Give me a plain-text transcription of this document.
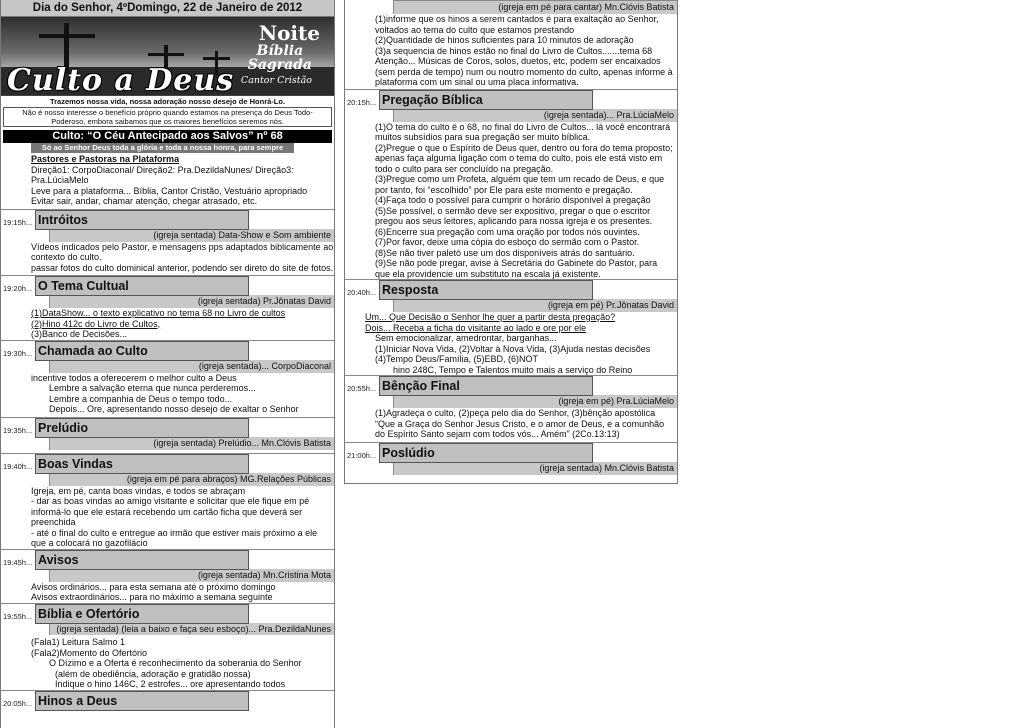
Dia do Senhor, 4ºDomingo, 22 de Janeiro de 2012
Noite
Bíblia
Sagrada
Cantor Cristão
Culto a Deus
Trazemos nossa vida, nossa adoração nosso desejo de Honrá-Lo.
Não é nosso interesse o benefício próprio quando estamos na presença do Deus Todo-Poderoso, embora saibamos que os maiores benefícios seremos nós.
Culto: “O Céu Antecipado aos Salvos” nº 68
Só ao Senhor Deus toda a glória e toda a nossa honra, para sempre
Pastores e Pastoras na Plataforma
Direção1: CorpoDiaconal/ Direção2: Pra.DezildaNunes/ Direção3: Pra.LúciaMelo
Leve para a plataforma... Bíblia, Cantor Cristão, Vestuário apropriado
Evitar sair, andar, chamar atenção, chegar atrasado, etc.
19:15h... Intróitos
(igreja sentada) Data-Show e Som ambiente
Vídeos indicados pelo Pastor, e mensagens pps adaptados biblicamente ao contexto do culto.
passar fotos do culto dominical anterior, podendo ser direto do site de fotos.
19:20h... O Tema Cultual
(igreja sentada) Pr.Jônatas David
(1)DataShow... o texto explicativo no tema 68 no Livro de cultos
(2)Hino 412c do Livro de Cultos,
(3)Banco de Decisões...
19:30h... Chamada ao Culto
(igreja sentada)... CorpoDiaconal
incentive todos a oferecerem o melhor culto a Deus
Lembre a salvação eterna que nunca perderemos...
Lembre a companhia de Deus o tempo todo...
Depois... Ore, apresentando nosso desejo de exaltar o Senhor
19:35h... Prelúdio
(igreja sentada) Prelúdio... Mn.Clóvis Batista
19:40h... Boas Vindas
(igreja em pé para abraços) MG.Relações Públicas
Igreja, em pé, canta boas vindas, e todos se abraçam
- dar as boas vindas ao amigo visitante e solicitar que ele fique em pé informá-lo que ele estará recebendo um cartão ficha que deverá ser preenchida
- até o final do culto e entregue ao irmão que estiver mais próximo a ele que a colocará no gazofilácio
19:45h... Avisos
(igreja sentada) Mn.Cristina Mota
Avisos ordinários... para esta semana até o próximo domingo
Avisos extraordinários... para no máximo a semana seguinte
19:55h... Bíblia e Ofertório
(igreja sentada) (leia a baixo e faça seu esboço)... Pra.DezildaNunes
(Fala1) Leitura Salmo 1
(Fala2)Momento do Ofertório
O Dízimo e a Oferta é reconhecimento da soberania do Senhor
(além de obediência, adoração e gratidão nossa)
Indique o hino 146C, 2 estrofes... ore apresentando todos
20:05h... Hinos a Deus
(igreja em pé para cantar) Mn.Clóvis Batista
(1)informe que os hinos a serem cantados é para exaltação ao Senhor, voltados ao tema do culto que estamos prestando
(2)Quantidade de hinos suficientes para 10 minutos de adoração
(3)a sequencia de hinos estão no final do Livro de Cultos.......tema 68 Atenção... Músicas de Coros, solos, duetos, etc, podem ser encaixados (sem perda de tempo) num ou noutro momento do culto, apenas informe à plataforma com um sinal ou uma placa informativa.
20:15h... Pregação Bíblica
(igreja sentada)... Pra.LúciaMelo
(1)O tema do culto é o 68, no final do Livro de Cultos... lá você encontrará muitos subsídios para sua pregação ser muito bíblica.
(2)Pregue o que o Espírito de Deus quer, dentro ou fora do tema proposto; apenas faça alguma ligação com o tema do culto, pois ele está visto em todo o culto para ser concluído na pregação.
(3)Pregue como um Profeta, alguém que tem um recado de Deus, e que por tanto, foi “escolhido” por Ele para este momento e pregação.
(4)Faça todo o possível para cumprir o horário disponível à pregação
(5)Se possível, o sermão deve ser expositivo, pregar o que o escritor pregou aos seus leitores, aplicando para nossa igreja e os presentes.
(6)Encerre sua pregação com uma oração por todos nós ouvintes.
(7)Por favor, deixe uma cópia do esboço do sermão com o Pastor.
(8)Se não tiver paletó use um dos disponíveis atrás do santuário.
(9)Se não pode pregar, avise à Secretária do Gabinete do Pastor, para que ela providencie um substituto na escala já existente.
20:40h... Resposta
(igreja em pé) Pr.Jônatas David
Um... Que Decisão o Senhor lhe quer a partir desta pregação?
Dois... Receba a ficha do visitante ao lado e ore por ele
Sem emocionalizar, amedrontar, barganhas...
(1)Iniciar Nova Vida, (2)Voltar à Nova Vida, (3)Ajuda nestas decisões
(4)Tempo Deus/Família, (5)EBD, (6)NOT
hino 248C, Tempo e Talentos muito mais a serviço do Reino
20:55h... Bênção Final
(igreja em pé) Pra.LúciaMelo
(1)Agradeça o culto, (2)peça pelo dia do Senhor, (3)bênção apostólica
“Que a Graça do Senhor Jesus Cristo, e o amor de Deus, e a comunhão do Espírito Santo sejam com todos vós... Amém” (2Co.13:13)
21:00h... Poslúdio
(igreja sentada) Mn.Clóvis Batista
